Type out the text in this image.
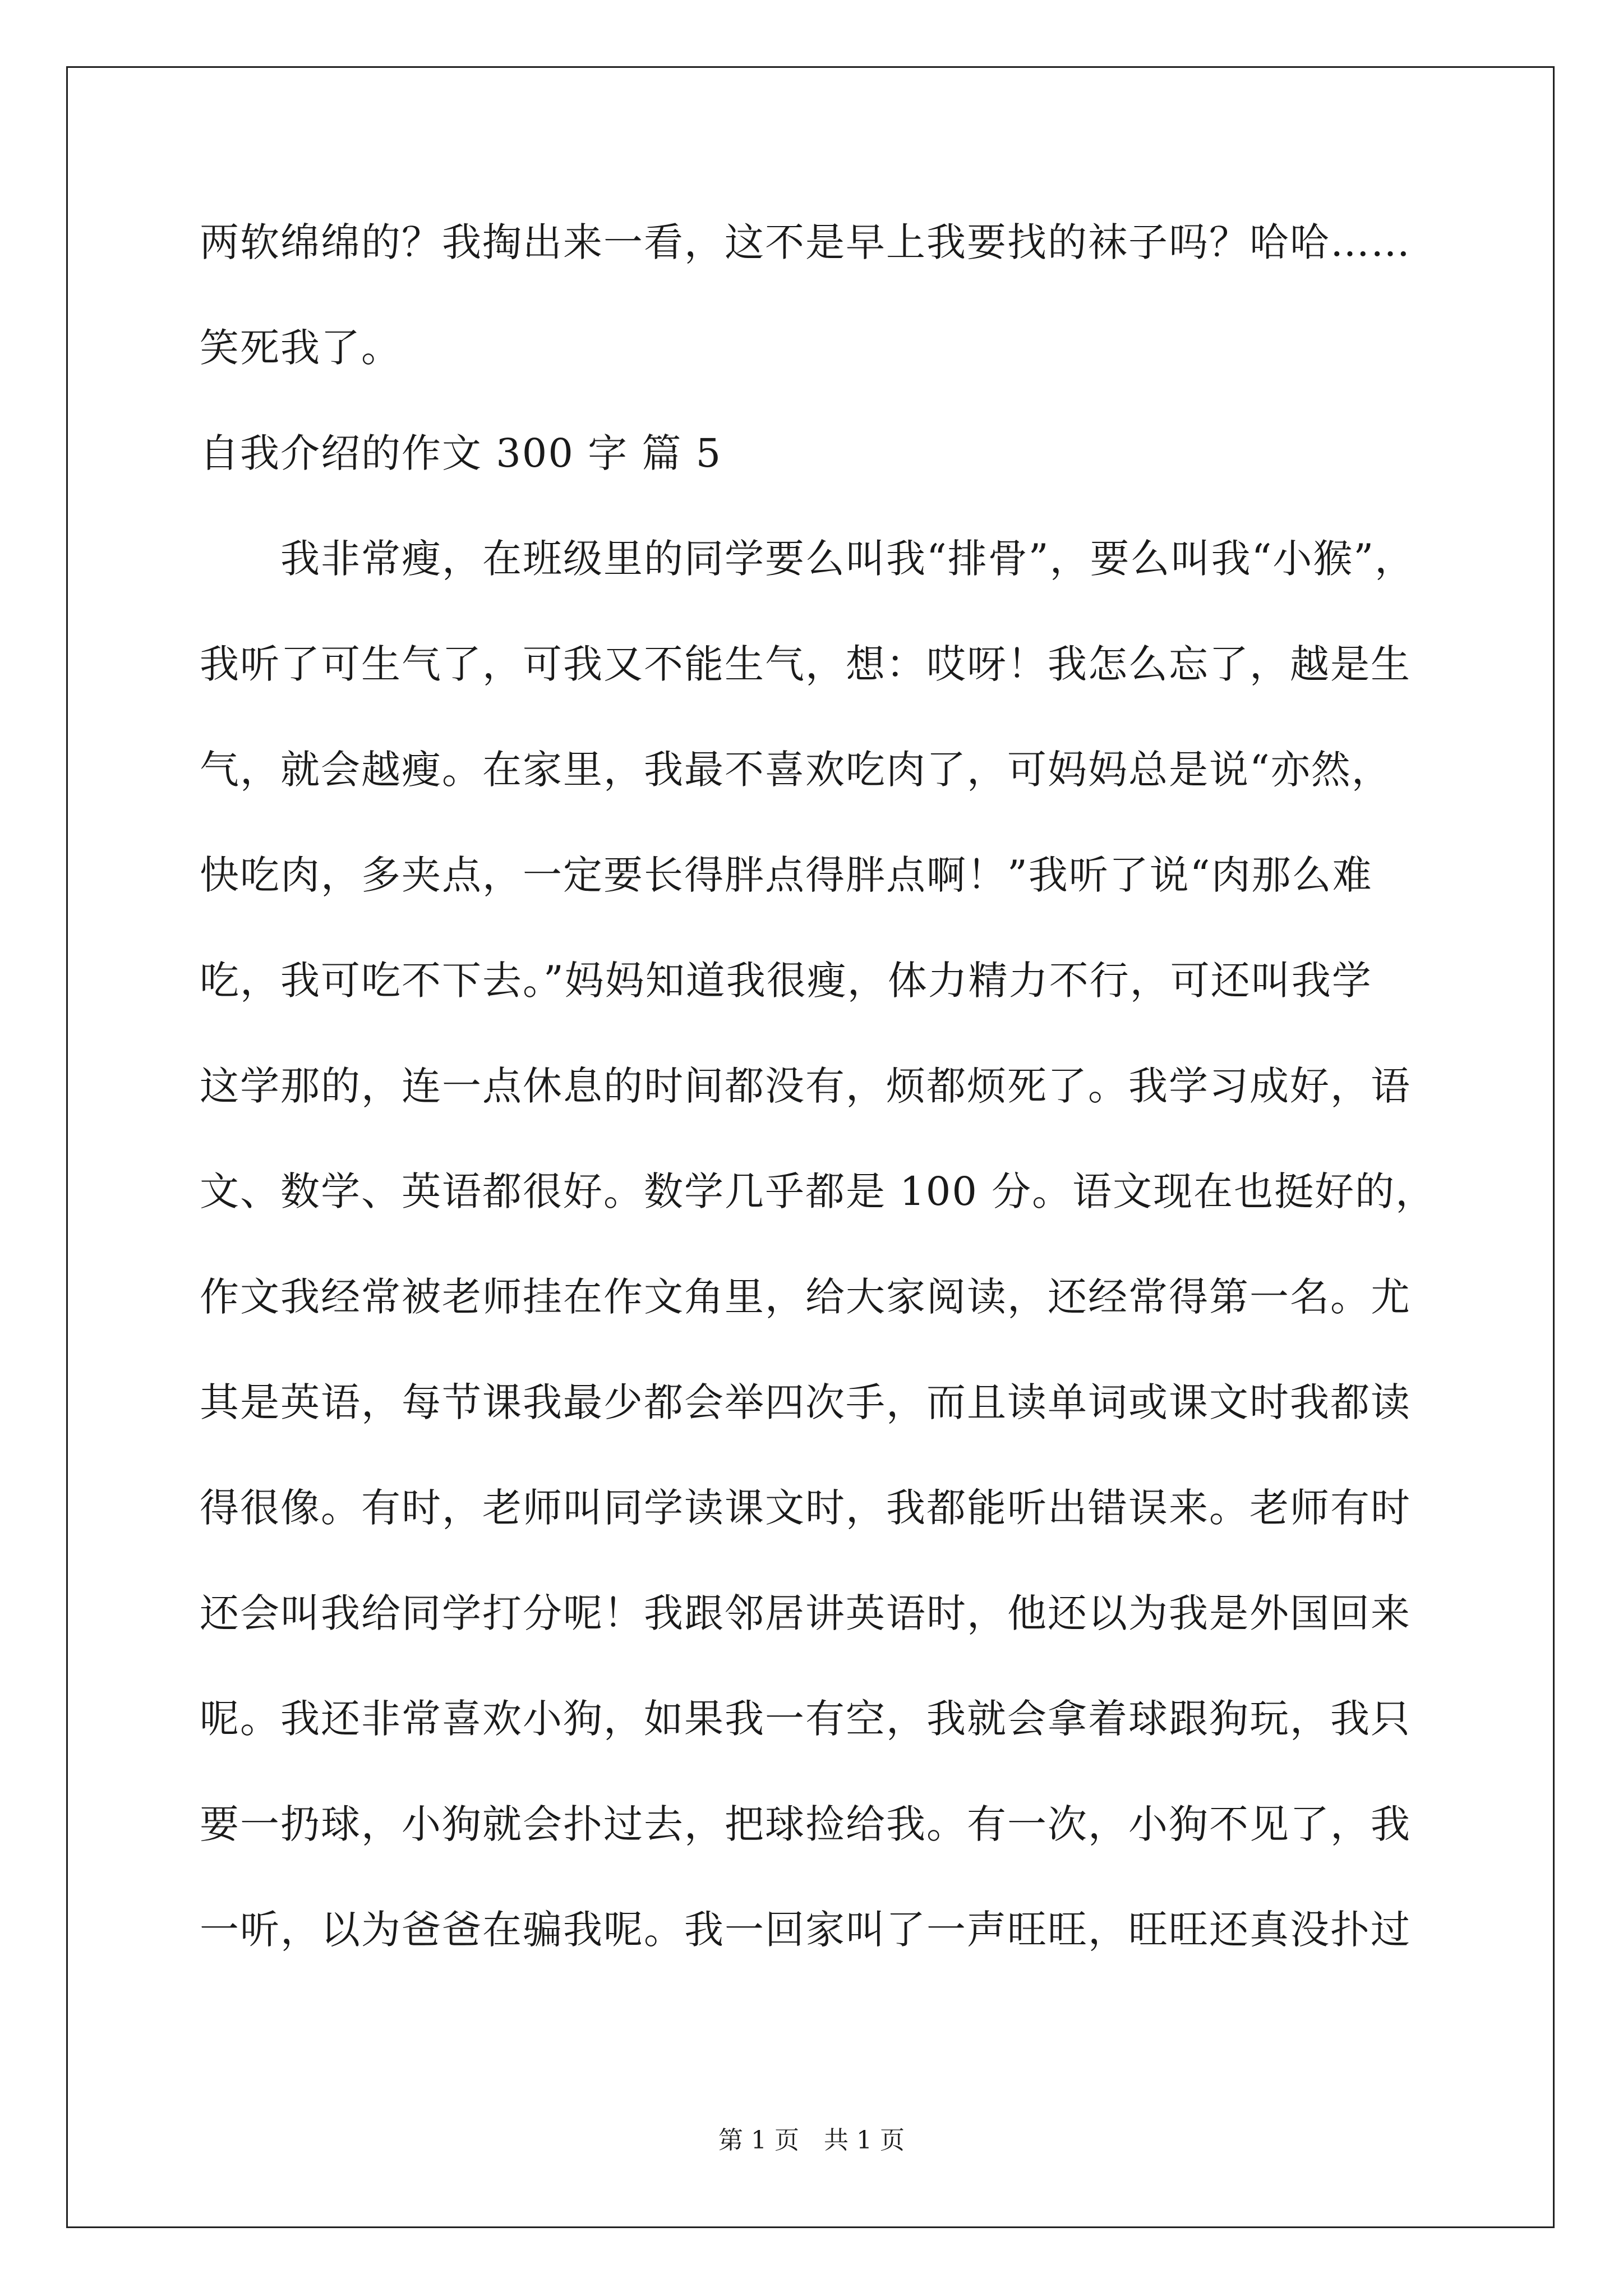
两软绵绵的？我掏出来一看，这不是早上我要找的袜子吗？哈哈……
笑死我了。
自我介绍的作文 300 字 篇 5
我非常瘦，在班级里的同学要么叫我“排骨”，要么叫我“小猴”，
我听了可生气了，可我又不能生气，想：哎呀！我怎么忘了，越是生
气，就会越瘦。在家里，我最不喜欢吃肉了，可妈妈总是说“亦然，
快吃肉，多夹点，一定要长得胖点得胖点啊！”我听了说“肉那么难
吃，我可吃不下去。”妈妈知道我很瘦，体力精力不行，可还叫我学
这学那的，连一点休息的时间都没有，烦都烦死了。我学习成好，语
文、数学、英语都很好。数学几乎都是 100 分。语文现在也挺好的，
作文我经常被老师挂在作文角里，给大家阅读，还经常得第一名。尤
其是英语，每节课我最少都会举四次手，而且读单词或课文时我都读
得很像。有时，老师叫同学读课文时，我都能听出错误来。老师有时
还会叫我给同学打分呢！我跟邻居讲英语时，他还以为我是外国回来
呢。我还非常喜欢小狗，如果我一有空，我就会拿着球跟狗玩，我只
要一扔球，小狗就会扑过去，把球捡给我。有一次，小狗不见了，我
一听，以为爸爸在骗我呢。我一回家叫了一声旺旺，旺旺还真没扑过
第 1 页　共 1 页
